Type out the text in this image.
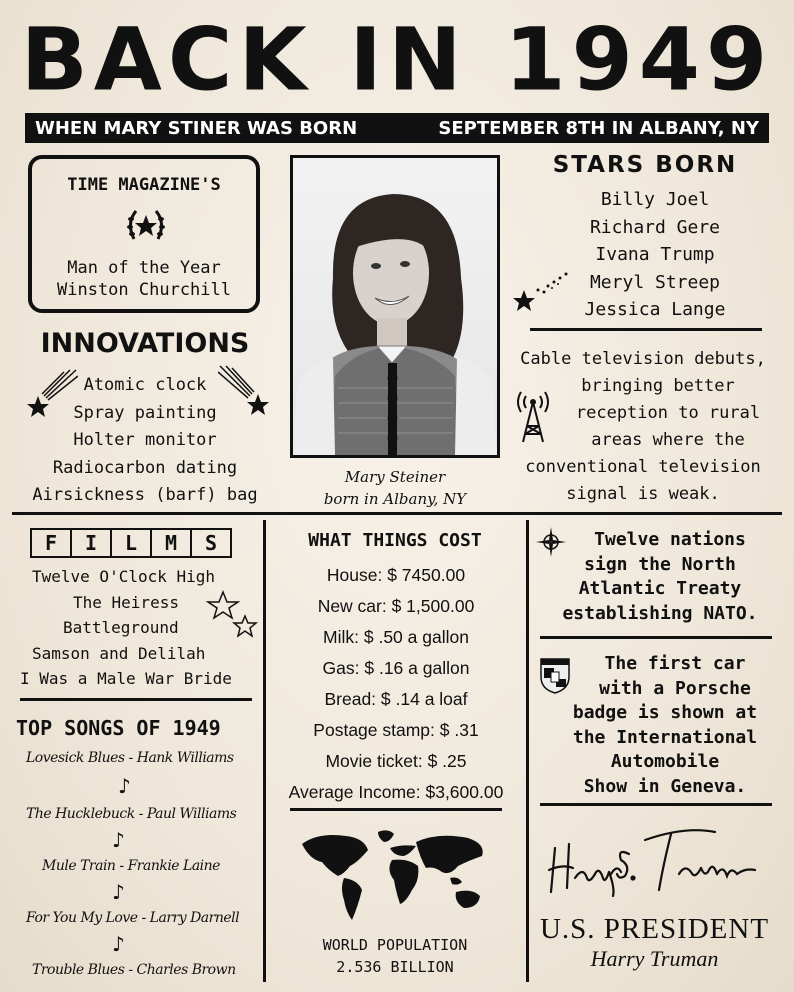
BACK IN 1949
WHEN MARY STINER WAS BORN	SEPTEMBER 8TH IN ALBANY, NY
TIME MAGAZINE'S
Man of the Year
Winston Churchill
INNOVATIONS
Atomic clock
Spray painting
Holter monitor
Radiocarbon dating
Airsickness (barf) bag
Mary Steiner
born in Albany, NY
STARS BORN
Billy Joel
Richard Gere
Ivana Trump
Meryl Streep
Jessica Lange
Cable television debuts,
bringing better
reception to rural
areas where the
conventional television
signal is weak.
F	I	L	M	S
Twelve O'Clock High
The Heiress
Battleground
Samson and Delilah
I Was a Male War Bride
TOP SONGS OF 1949
Lovesick Blues - Hank Williams
♪
The Hucklebuck - Paul Williams
♪
Mule Train - Frankie Laine
♪
For You My Love - Larry Darnell
♪
Trouble Blues - Charles Brown
WHAT THINGS COST
House: $ 7450.00
New car: $ 1,500.00
Milk: $ .50 a gallon
Gas: $ .16 a gallon
Bread: $ .14 a loaf
Postage stamp: $ .31
Movie ticket: $ .25
Average Income: $3,600.00
WORLD POPULATION
2.536 BILLION
Twelve nations
sign the North
Atlantic Treaty
establishing NATO.
The first car
with a Porsche
badge is shown at
the International
Automobile
Show in Geneva.
U.S. PRESIDENT
Harry Truman
